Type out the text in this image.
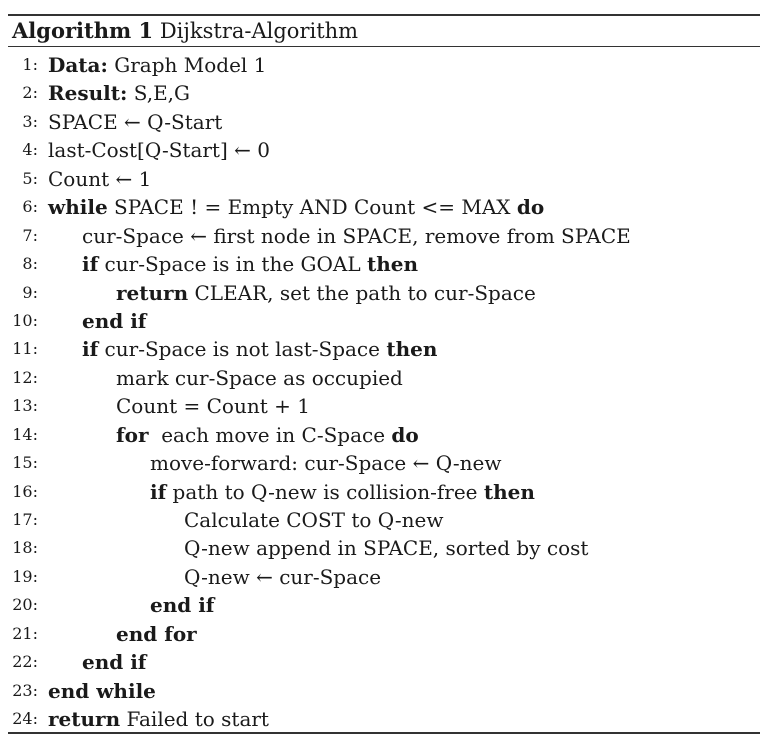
Algorithm 1 Dijkstra-Algorithm
1: Data: Graph Model 1
2: Result: S,E,G
3: SPACE ← Q-Start
4: last-Cost[Q-Start] ← 0
5: Count ← 1
6: while SPACE ! = Empty AND Count <= MAX do
7: cur-Space ← first node in SPACE, remove from SPACE
8: if cur-Space is in the GOAL then
9:	return CLEAR, set the path to cur-Space
10: end if
11: if cur-Space is not last-Space then
12:	mark cur-Space as occupied
13:	Count = Count + 1
14:	for  each move in C-Space do
15:	move-forward: cur-Space ← Q-new
16:	if path to Q-new is collision-free then
17:	Calculate COST to Q-new
18:	Q-new append in SPACE, sorted by cost
19:	Q-new ← cur-Space
20:	end if
21:	end for
22: end if
23: end while
24: return Failed to start
